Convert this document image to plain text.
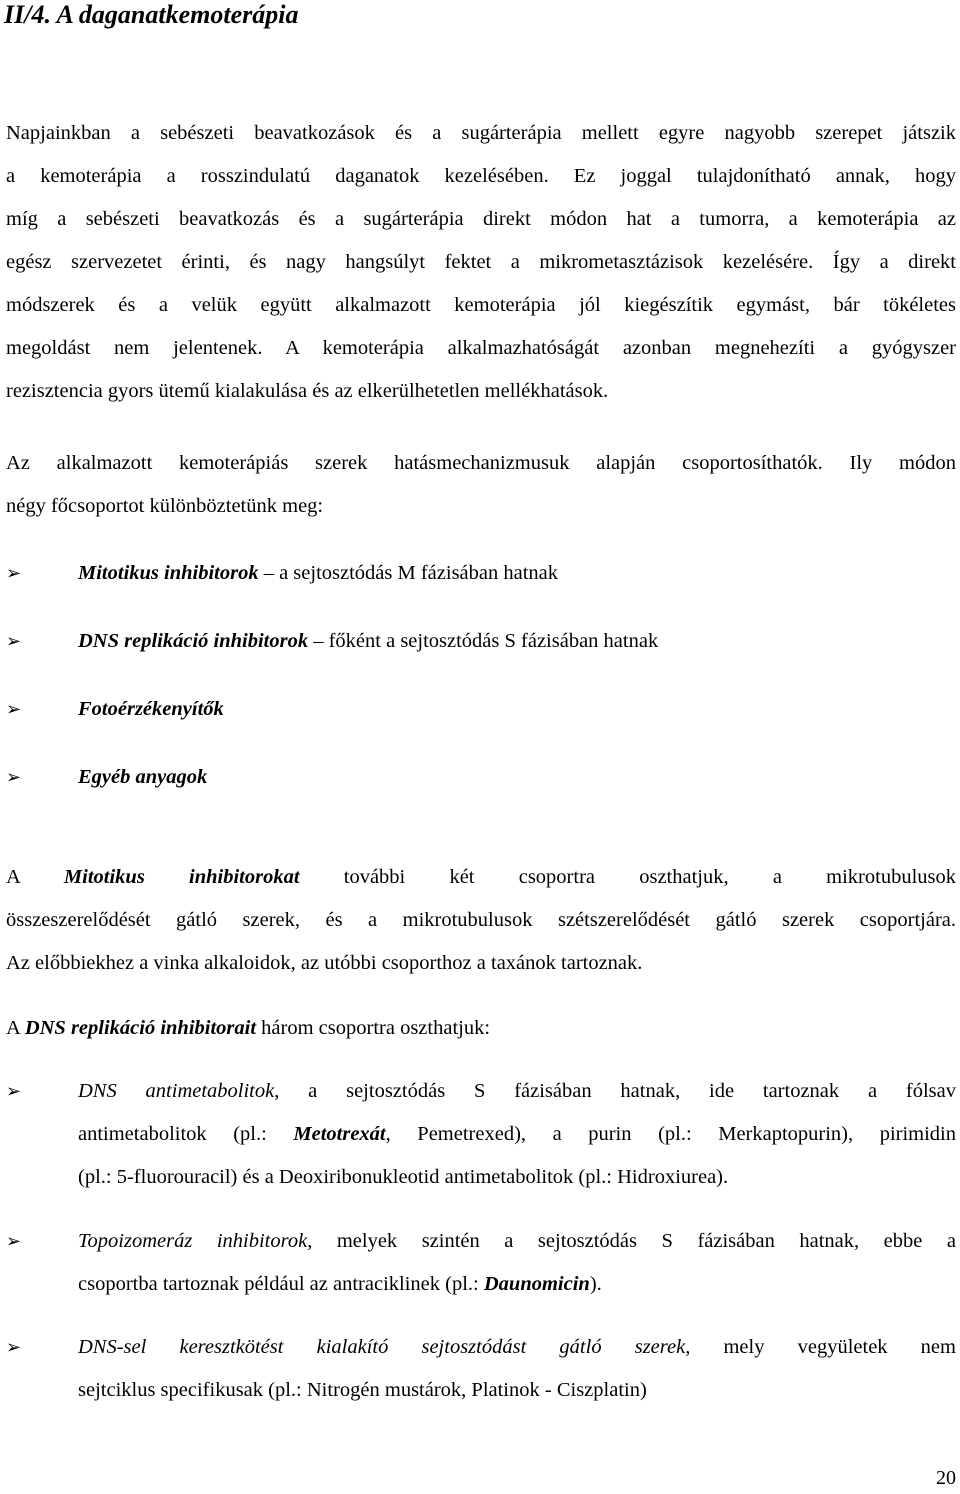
II/4. A daganatkemoterápia
Napjainkban a sebészeti beavatkozások és a sugárterápia mellett egyre nagyobb szerepet játszik
a kemoterápia a rosszindulatú daganatok kezelésében. Ez joggal tulajdonítható annak, hogy
míg a sebészeti beavatkozás és a sugárterápia direkt módon hat a tumorra, a kemoterápia az
egész szervezetet érinti, és nagy hangsúlyt fektet a mikrometasztázisok kezelésére. Így a direkt
módszerek és a velük együtt alkalmazott kemoterápia jól kiegészítik egymást, bár tökéletes
megoldást nem jelentenek. A kemoterápia alkalmazhatóságát azonban megnehezíti a gyógyszer
rezisztencia gyors ütemű kialakulása és az elkerülhetetlen mellékhatások.
Az alkalmazott kemoterápiás szerek hatásmechanizmusuk alapján csoportosíthatók. Ily módon
négy főcsoportot különböztetünk meg:
➢	Mitotikus inhibitorok – a sejtosztódás M fázisában hatnak
➢	DNS replikáció inhibitorok – főként a sejtosztódás S fázisában hatnak
➢	Fotoérzékenyítők
➢	Egyéb anyagok
A Mitotikus inhibitorokat további két csoportra oszthatjuk, a mikrotubulusok
összeszerelődését gátló szerek, és a mikrotubulusok szétszerelődését gátló szerek csoportjára.
Az előbbiekhez a vinka alkaloidok, az utóbbi csoporthoz a taxánok tartoznak.
A DNS replikáció inhibitorait három csoportra oszthatjuk:
➢	DNS antimetabolitok, a sejtosztódás S fázisában hatnak, ide tartoznak a fólsav
antimetabolitok (pl.: Metotrexát, Pemetrexed), a purin (pl.: Merkaptopurin), pirimidin
(pl.: 5-fluorouracil) és a Deoxiribonukleotid antimetabolitok (pl.: Hidroxiurea).
➢	Topoizomeráz inhibitorok, melyek szintén a sejtosztódás S fázisában hatnak, ebbe a
csoportba tartoznak például az antraciklinek (pl.: Daunomicin).
➢	DNS-sel keresztkötést kialakító sejtosztódást gátló szerek, mely vegyületek nem
sejtciklus specifikusak (pl.: Nitrogén mustárok, Platinok - Ciszplatin)
20
